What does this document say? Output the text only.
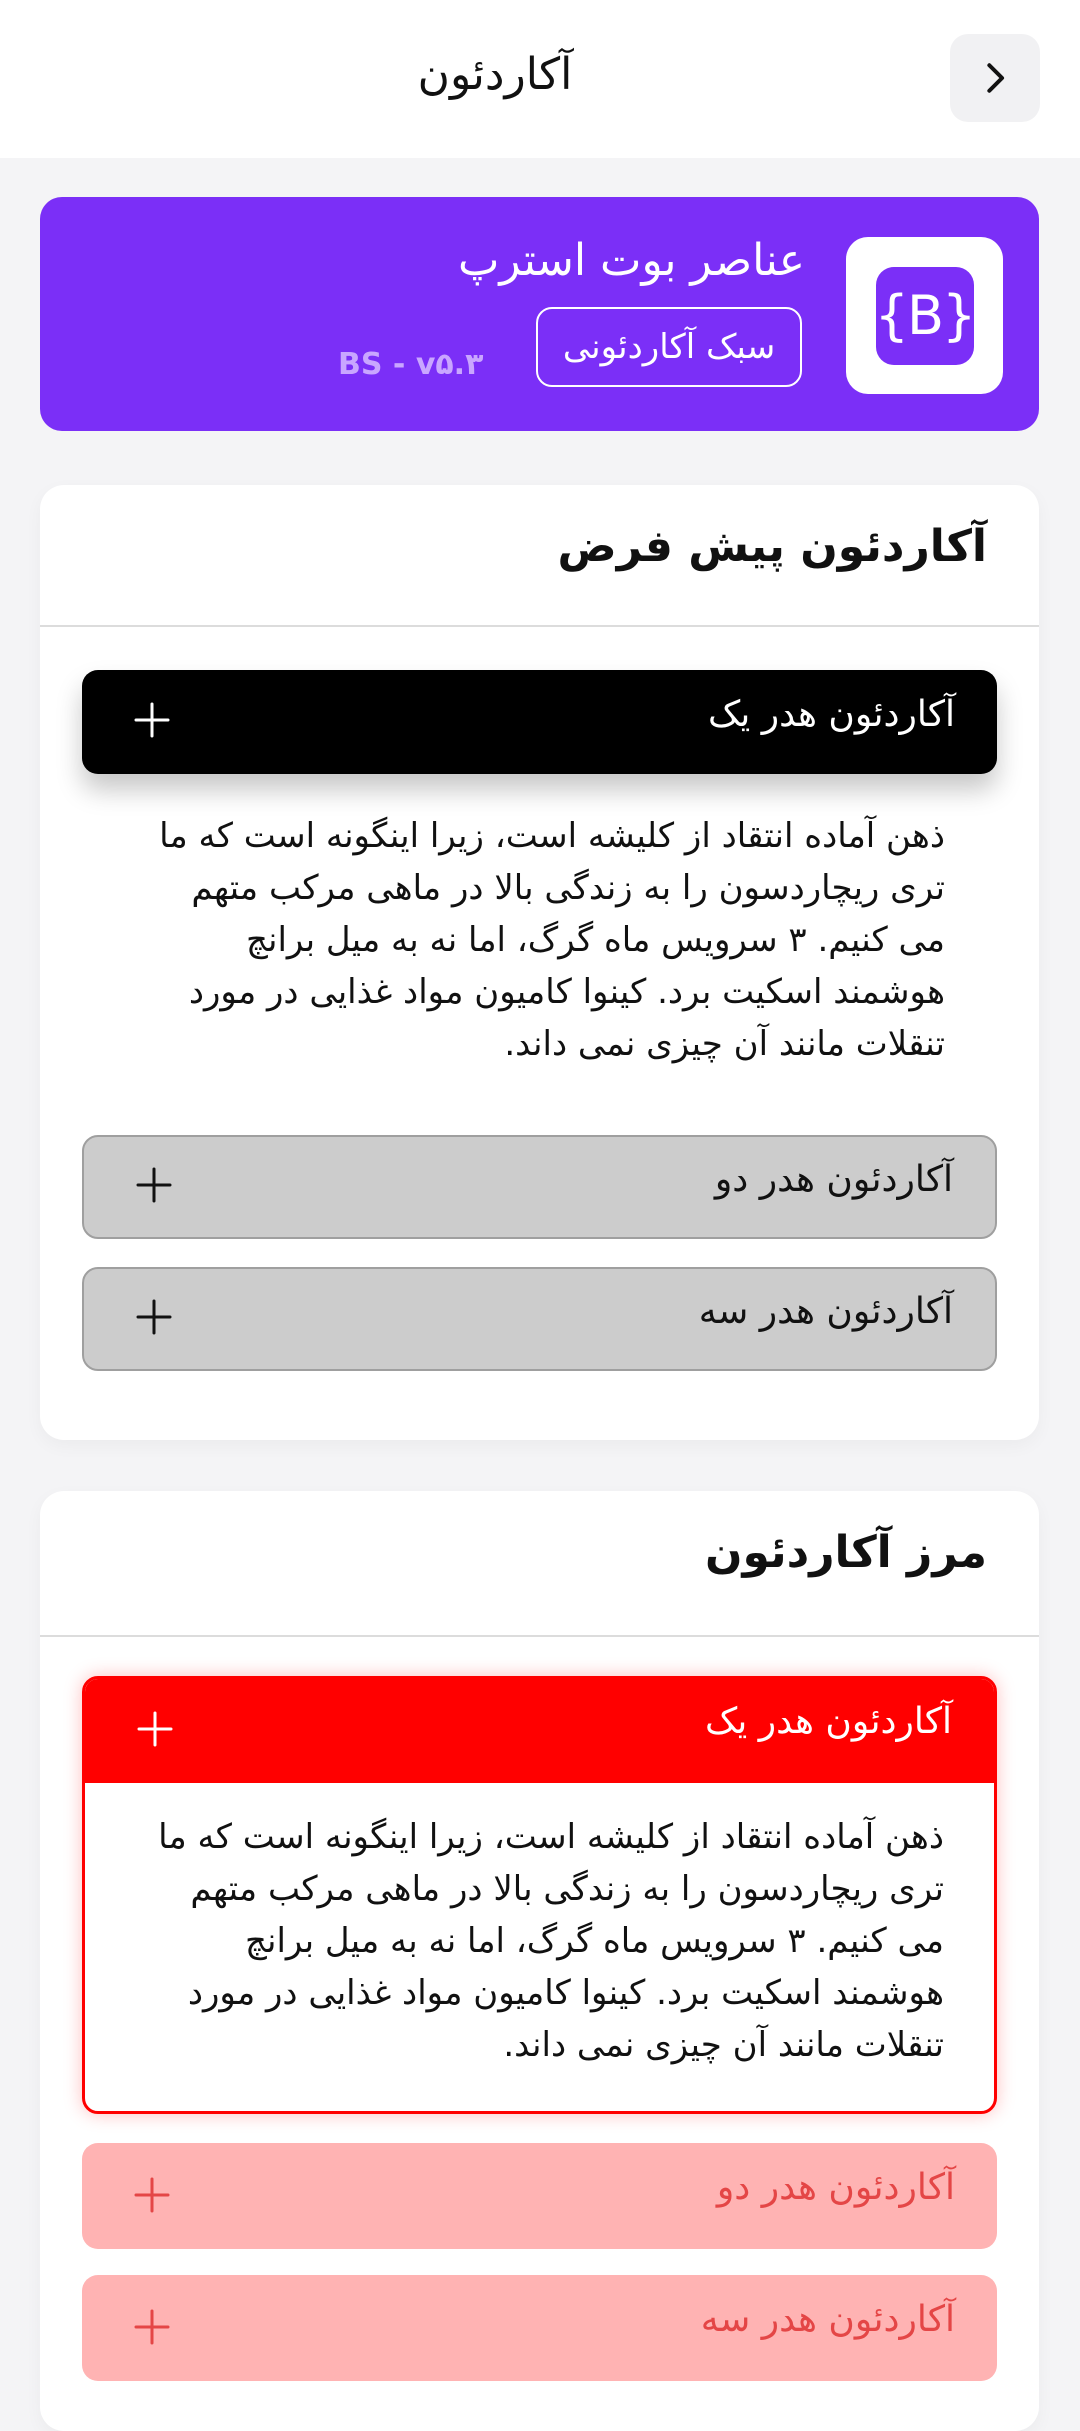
آکاردئون
{B}
عناصر بوت استرپ
سبک آکاردئونی
BS - v۵.۳
آکاردئون پیش فرض
آکاردئون هدر یک
ذهن آماده انتقاد از کلیشه است، زیرا اینگونه است که ما تری ریچاردسون را به زندگی بالا در ماهی مرکب متهم می کنیم. ۳ سرویس ماه گرگ، اما نه به میل برانچ هوشمند اسکیت برد. کینوا کامیون مواد غذایی در مورد تنقلات مانند آن چیزی نمی داند.
آکاردئون هدر دو
آکاردئون هدر سه
مرز آکاردئون
آکاردئون هدر یک
ذهن آماده انتقاد از کلیشه است، زیرا اینگونه است که ما تری ریچاردسون را به زندگی بالا در ماهی مرکب متهم می کنیم. ۳ سرویس ماه گرگ، اما نه به میل برانچ هوشمند اسکیت برد. کینوا کامیون مواد غذایی در مورد تنقلات مانند آن چیزی نمی داند.
آکاردئون هدر دو
آکاردئون هدر سه
